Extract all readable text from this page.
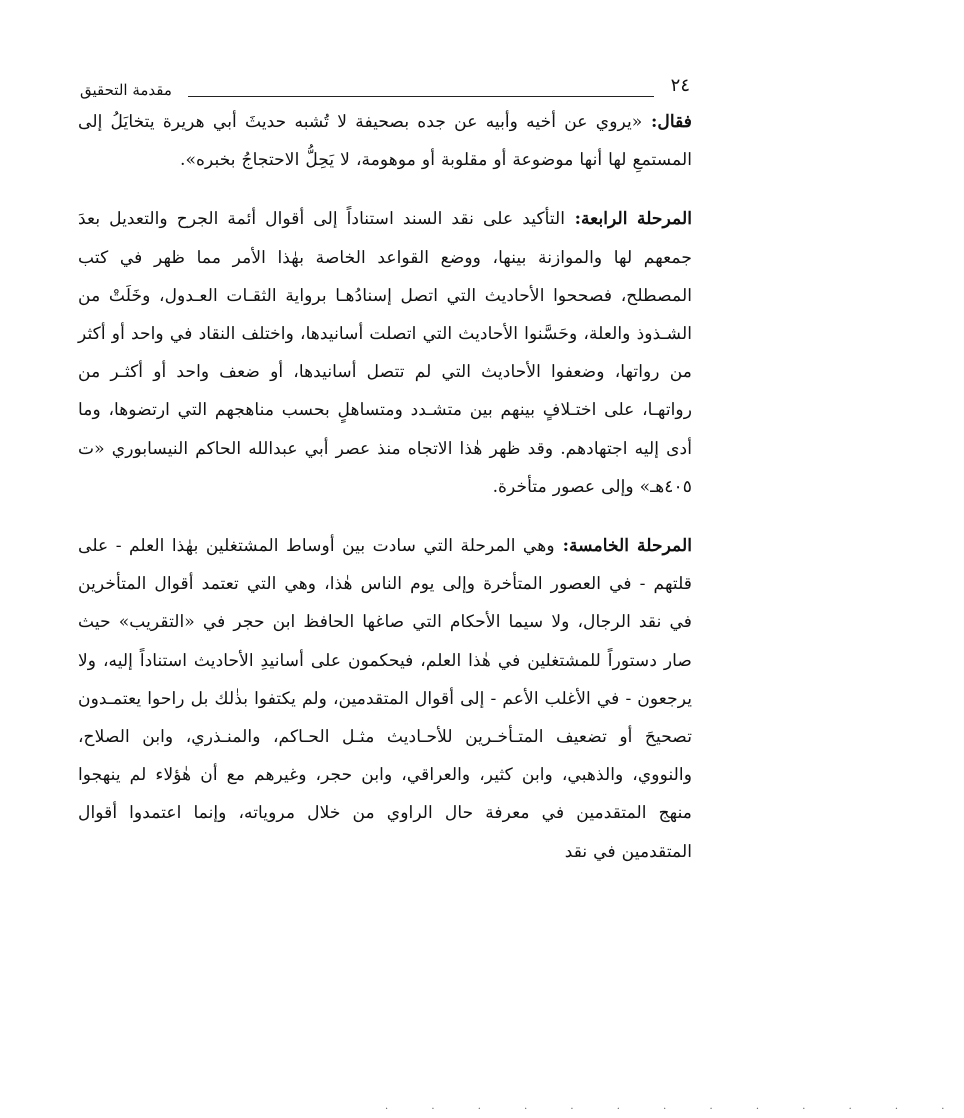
٢٤
مقدمة التحقيق

فقال: «يروي عن أخيه وأبيه عن جده بصحيفة لا تُشبه حديثَ أبي هريرة يتخايَلُ إلى المستمعِ لها أنها موضوعة أو مقلوبة أو موهومة، لا يَحِلُّ الاحتجاجُ بخبره».

المرحلة الرابعة: التأكيد على نقد السند استناداً إلى أقوال أئمة الجرح والتعديل بعدَ جمعهم لها والموازنة بينها، ووضع القواعد الخاصة بهٰذا الأمر مما ظهر في كتب المصطلح، فصححوا الأحاديث التي اتصل إسنادُهـا برواية الثقـات العـدول، وخَلَتْ من الشـذوذ والعلة، وحَسَّنوا الأحاديث التي اتصلت أسانيدها، واختلف النقاد في واحد أو أكثر من رواتها، وضعفوا الأحاديث التي لم تتصل أسانيدها، أو ضعف واحد أو أكثـر من رواتهـا، على اختـلافٍ بينهم بين متشـدد ومتساهلٍ بحسب مناهجهم التي ارتضوها، وما أدى إليه اجتهادهم. وقد ظهر هٰذا الاتجاه منذ عصر أبي عبدالله الحاكم النيسابوري «ت ٤٠٥هـ» وإلى عصور متأخرة.

المرحلة الخامسة: وهي المرحلة التي سادت بين أوساط المشتغلين بهٰذا العلم - على قلتهم - في العصور المتأخرة وإلى يوم الناس هٰذا، وهي التي تعتمد أقوال المتأخرين في نقد الرجال، ولا سيما الأحكام التي صاغها الحافظ ابن حجر في «التقريب» حيث صار دستوراً للمشتغلين في هٰذا العلم، فيحكمون على أسانيدِ الأحاديث استناداً إليه، ولا يرجعون - في الأغلب الأعم - إلى أقوال المتقدمين، ولم يكتفوا بذٰلك بل راحوا يعتمـدون تصحيحَ أو تضعيف المتـأخـرين للأحـاديث مثـل الحـاكم، والمنـذري، وابن الصلاح، والنووي، والذهبي، وابن كثير، والعراقي، وابن حجر، وغيرهم مع أن هٰؤلاء لم ينهجوا منهج المتقدمين في معرفة حال الراوي من خلال مروياته، وإنما اعتمدوا أقوال المتقدمين في نقد

· · · · · · · · · · · · ·
